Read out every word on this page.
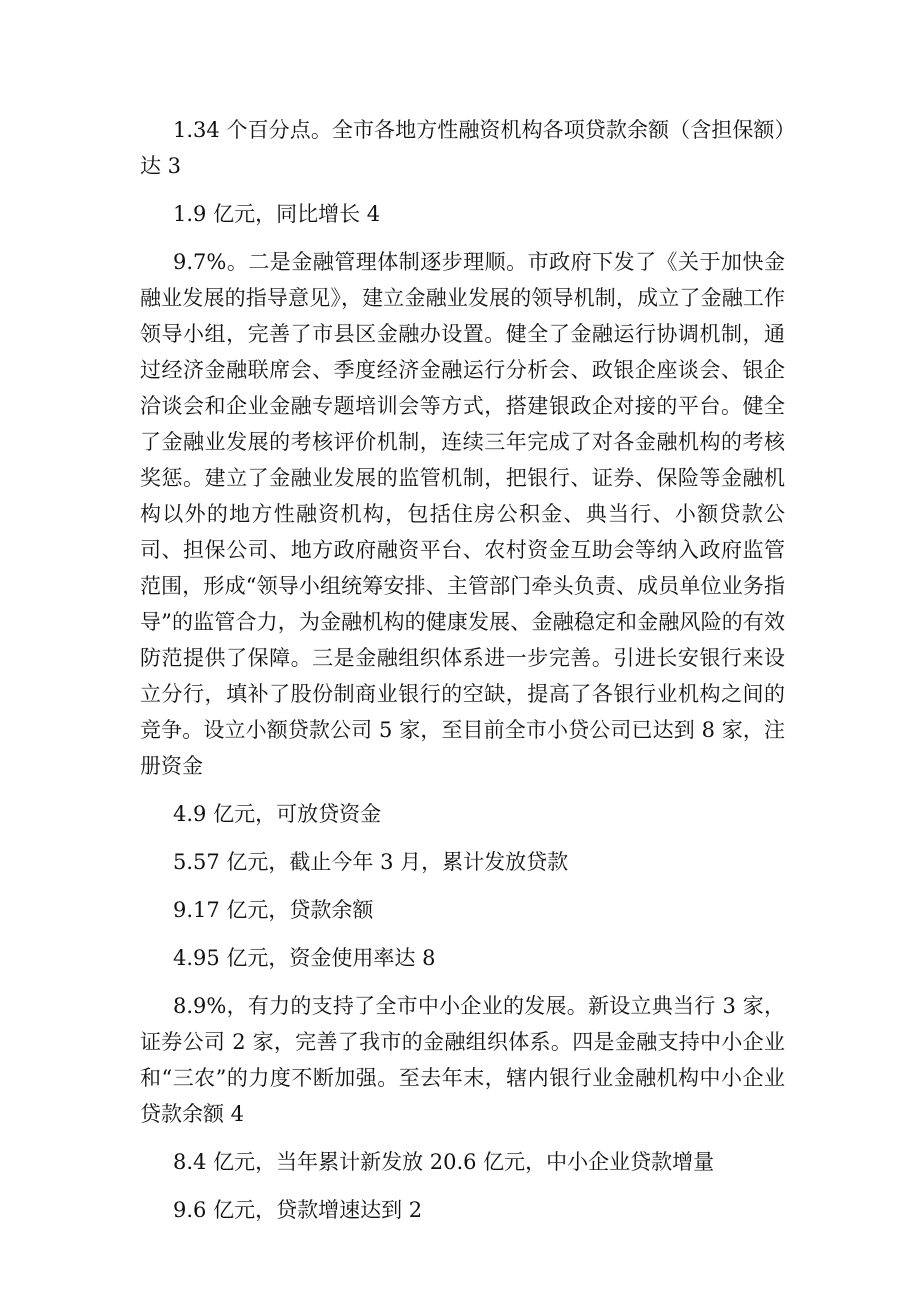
1.34 个百分点。全市各地方性融资机构各项贷款余额（含担保额）达 3

1.9 亿元，同比增长 4

9.7%。二是金融管理体制逐步理顺。市政府下发了《关于加快金融业发展的指导意见》，建立金融业发展的领导机制，成立了金融工作领导小组，完善了市县区金融办设置。健全了金融运行协调机制，通过经济金融联席会、季度经济金融运行分析会、政银企座谈会、银企洽谈会和企业金融专题培训会等方式，搭建银政企对接的平台。健全了金融业发展的考核评价机制，连续三年完成了对各金融机构的考核奖惩。建立了金融业发展的监管机制，把银行、证券、保险等金融机构以外的地方性融资机构，包括住房公积金、典当行、小额贷款公司、担保公司、地方政府融资平台、农村资金互助会等纳入政府监管范围，形成“领导小组统筹安排、主管部门牵头负责、成员单位业务指导”的监管合力，为金融机构的健康发展、金融稳定和金融风险的有效防范提供了保障。三是金融组织体系进一步完善。引进长安银行来设立分行，填补了股份制商业银行的空缺，提高了各银行业机构之间的竞争。设立小额贷款公司 5 家，至目前全市小贷公司已达到 8 家，注册资金

4.9 亿元，可放贷资金

5.57 亿元，截止今年 3 月，累计发放贷款

9.17 亿元，贷款余额

4.95 亿元，资金使用率达 8

8.9%，有力的支持了全市中小企业的发展。新设立典当行 3 家，证券公司 2 家，完善了我市的金融组织体系。四是金融支持中小企业和“三农”的力度不断加强。至去年末，辖内银行业金融机构中小企业贷款余额 4

8.4 亿元，当年累计新发放 20.6 亿元，中小企业贷款增量

9.6 亿元，贷款增速达到 2
